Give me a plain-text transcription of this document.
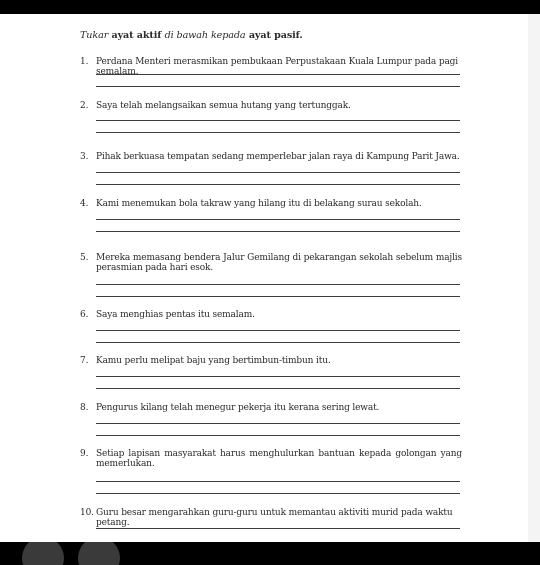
Tukar ayat aktif di bawah kepada ayat pasif.
1. Perdana Menteri merasmikan pembukaan Perpustakaan Kuala Lumpur pada pagi semalam.
2. Saya telah melangsaikan semua hutang yang tertunggak.
3. Pihak berkuasa tempatan sedang memperlebar jalan raya di Kampung Parit Jawa.
4. Kami menemukan bola takraw yang hilang itu di belakang surau sekolah.
5. Mereka memasang bendera Jalur Gemilang di pekarangan sekolah sebelum majlis perasmian pada hari esok.
6. Saya menghias pentas itu semalam.
7. Kamu perlu melipat baju yang bertimbun-timbun itu.
8. Pengurus kilang telah menegur pekerja itu kerana sering lewat.
9. Setiap lapisan masyarakat harus menghulurkan bantuan kepada golongan yang memerlukan.
10. Guru besar mengarahkan guru-guru untuk memantau aktiviti murid pada waktu petang.
